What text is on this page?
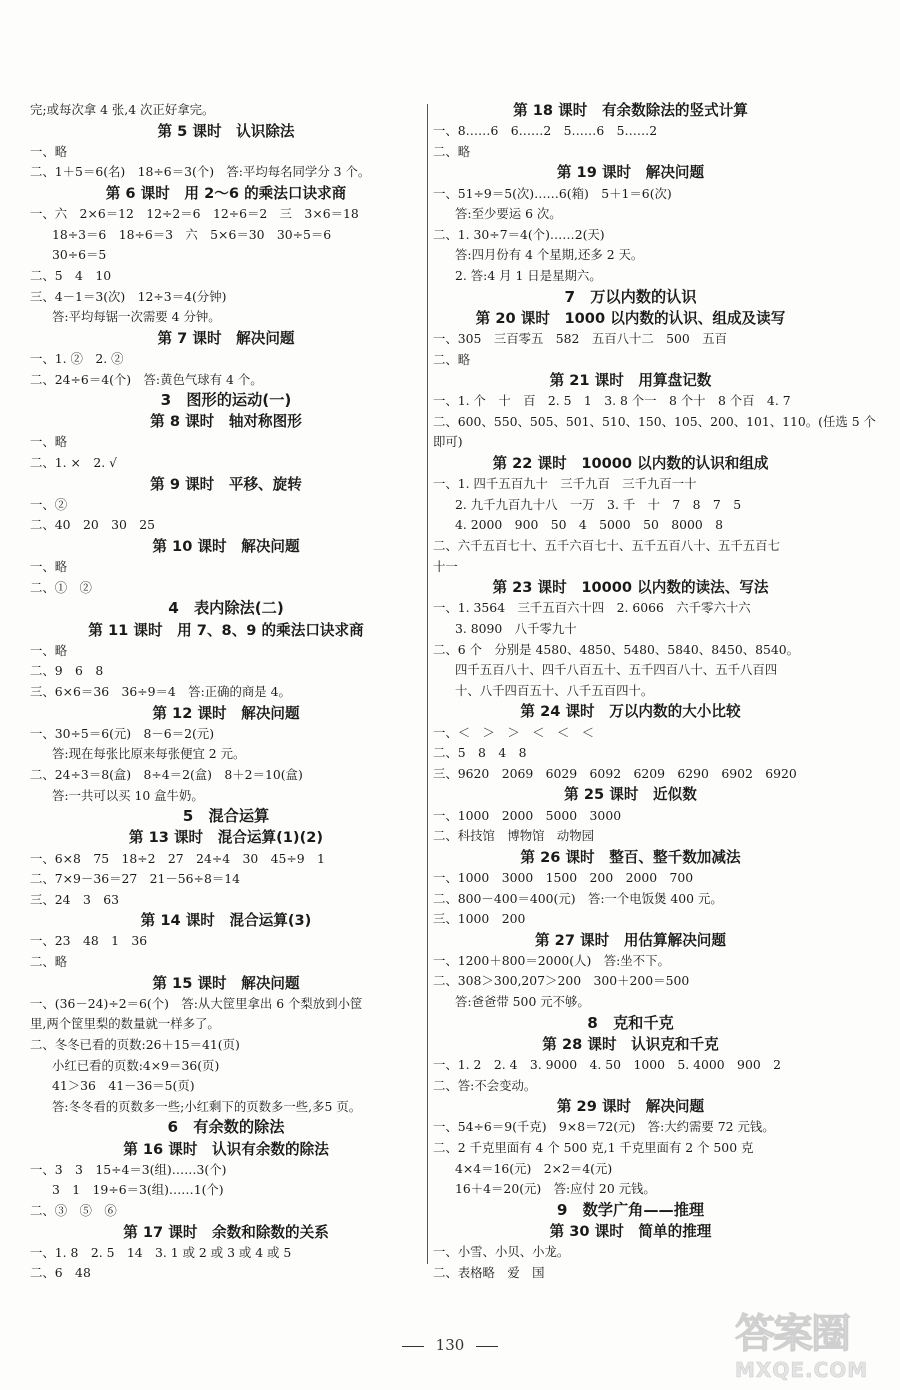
完;或每次拿 4 张,4 次正好拿完。
第 5 课时　认识除法
一、略
二、1＋5＝6(名)　18÷6＝3(个)　答:平均每名同学分 3 个。
第 6 课时　用 2～6 的乘法口诀求商
一、六　2×6＝12　12÷2＝6　12÷6＝2　三　3×6＝18
18÷3＝6　18÷6＝3　六　5×6＝30　30÷5＝6
30÷6＝5
二、5　4　10
三、4－1＝3(次)　12÷3＝4(分钟)
答:平均每锯一次需要 4 分钟。
第 7 课时　解决问题
一、1. ②　2. ②
二、24÷6＝4(个)　答:黄色气球有 4 个。
3　图形的运动(一)
第 8 课时　轴对称图形
一、略
二、1. ×　2. √
第 9 课时　平移、旋转
一、②
二、40　20　30　25
第 10 课时　解决问题
一、略
二、①　②
4　表内除法(二)
第 11 课时　用 7、8、9 的乘法口诀求商
一、略
二、9　6　8
三、6×6＝36　36÷9＝4　答:正确的商是 4。
第 12 课时　解决问题
一、30÷5＝6(元)　8－6＝2(元)
答:现在每张比原来每张便宜 2 元。
二、24÷3＝8(盒)　8÷4＝2(盒)　8＋2＝10(盒)
答:一共可以买 10 盒牛奶。
5　混合运算
第 13 课时　混合运算(1)(2)
一、6×8　75　18÷2　27　24÷4　30　45÷9　1
二、7×9－36＝27　21－56÷8＝14
三、24　3　63
第 14 课时　混合运算(3)
一、23　48　1　36
二、略
第 15 课时　解决问题
一、(36－24)÷2＝6(个)　答:从大筐里拿出 6 个梨放到小筐
里,两个筐里梨的数量就一样多了。
二、冬冬已看的页数:26＋15＝41(页)
小红已看的页数:4×9＝36(页)
41＞36　41－36＝5(页)
答:冬冬看的页数多一些;小红剩下的页数多一些,多5 页。
6　有余数的除法
第 16 课时　认识有余数的除法
一、3　3　15÷4＝3(组)……3(个)
3　1　19÷6＝3(组)……1(个)
二、③　⑤　⑥
第 17 课时　余数和除数的关系
一、1. 8　2. 5　14　3. 1 或 2 或 3 或 4 或 5
二、6　48
第 18 课时　有余数除法的竖式计算
一、8……6　6……2　5……6　5……2
二、略
第 19 课时　解决问题
一、51÷9＝5(次)……6(箱)　5＋1＝6(次)
答:至少要运 6 次。
二、1. 30÷7＝4(个)……2(天)
答:四月份有 4 个星期,还多 2 天。
2. 答:4 月 1 日是星期六。
7　万以内数的认识
第 20 课时　1000 以内数的认识、组成及读写
一、305　三百零五　582　五百八十二　500　五百
二、略
第 21 课时　用算盘记数
一、1. 个　十　百　2. 5　1　3. 8 个一　8 个十　8 个百　4. 7
二、600、550、505、501、510、150、105、200、101、110。(任选 5 个
即可)
第 22 课时　10000 以内数的认识和组成
一、1. 四千五百九十　三千九百　三千九百一十
2. 九千九百九十八　一万　3. 千　十　7　8　7　5
4. 2000　900　50　4　5000　50　8000　8
二、六千五百七十、五千六百七十、五千五百八十、五千五百七
十一
第 23 课时　10000 以内数的读法、写法
一、1. 3564　三千五百六十四　2. 6066　六千零六十六
3. 8090　八千零九十
二、6 个　分别是 4580、4850、5480、5840、8450、8540。
四千五百八十、四千八百五十、五千四百八十、五千八百四
十、八千四百五十、八千五百四十。
第 24 课时　万以内数的大小比较
一、＜　＞　＞　＜　＜　＜
二、5　8　4　8
三、9620　2069　6029　6092　6209　6290　6902　6920
第 25 课时　近似数
一、1000　2000　5000　3000
二、科技馆　博物馆　动物园
第 26 课时　整百、整千数加减法
一、1000　3000　1500　200　2000　700
二、800－400＝400(元)　答:一个电饭煲 400 元。
三、1000　200
第 27 课时　用估算解决问题
一、1200＋800＝2000(人)　答:坐不下。
二、308＞300,207＞200　300＋200＝500
答:爸爸带 500 元不够。
8　克和千克
第 28 课时　认识克和千克
一、1. 2　2. 4　3. 9000　4. 50　1000　5. 4000　900　2
二、答:不会变动。
第 29 课时　解决问题
一、54÷6＝9(千克)　9×8＝72(元)　答:大约需要 72 元钱。
二、2 千克里面有 4 个 500 克,1 千克里面有 2 个 500 克
4×4＝16(元)　2×2＝4(元)
16＋4＝20(元)　答:应付 20 元钱。
9　数学广角——推理
第 30 课时　简单的推理
一、小雪、小贝、小龙。
二、表格略　爱　国
130	答案圈
MXQE.COM
